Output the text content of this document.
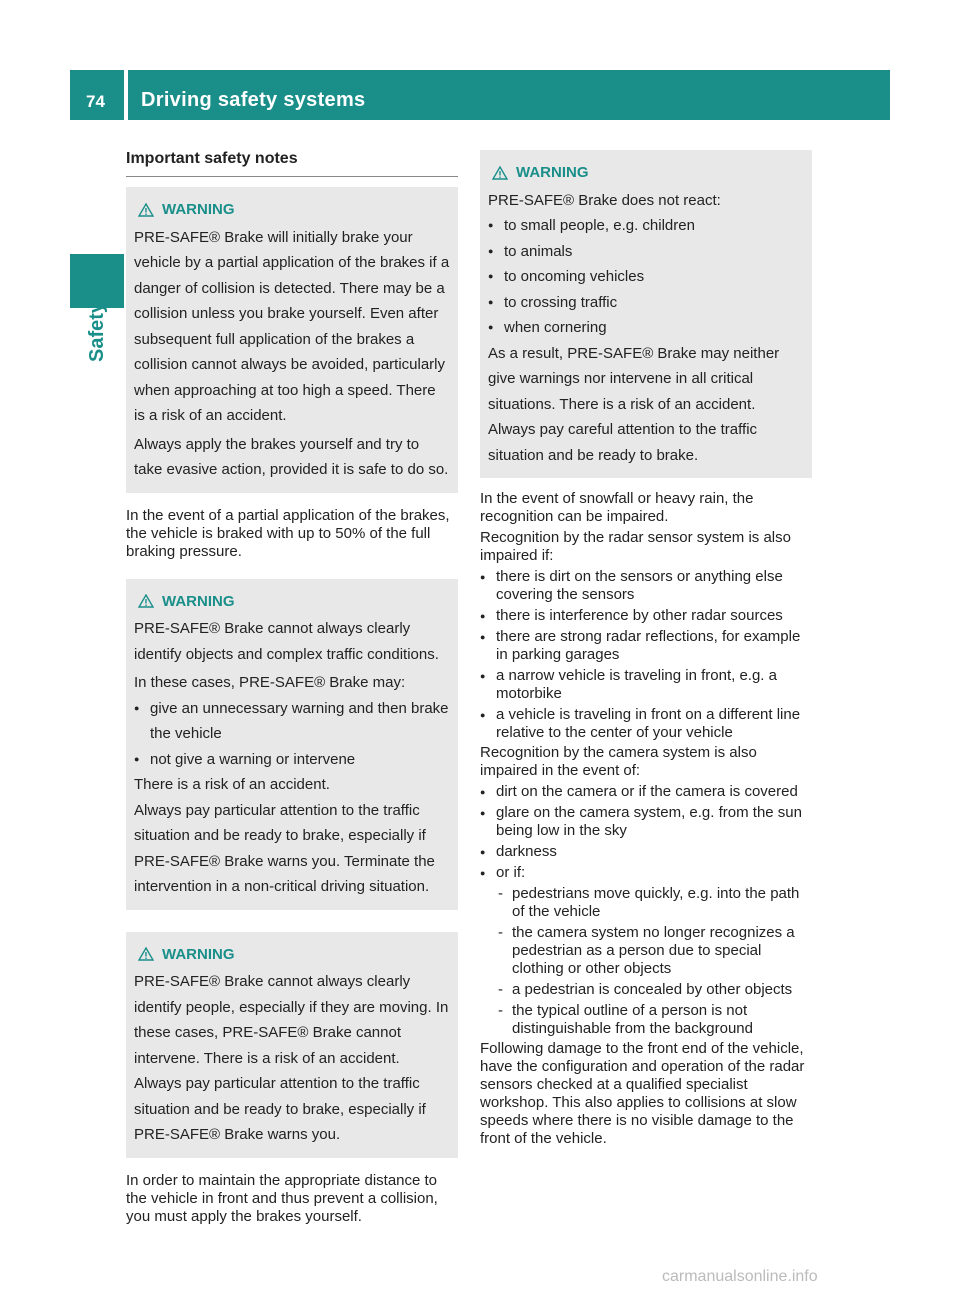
74 Driving safety systems
Safety
Important safety notes
WARNING

PRE-SAFE® Brake will initially brake your vehicle by a partial application of the brakes if a danger of collision is detected. There may be a collision unless you brake yourself. Even after subsequent full application of the brakes a collision cannot always be avoided, particularly when approaching at too high a speed. There is a risk of an accident.

Always apply the brakes yourself and try to take evasive action, provided it is safe to do so.

In the event of a partial application of the brakes, the vehicle is braked with up to 50% of the full braking pressure.
WARNING

PRE-SAFE® Brake cannot always clearly identify objects and complex traffic conditions.

In these cases, PRE-SAFE® Brake may:

● give an unnecessary warning and then brake the vehicle
● not give a warning or intervene

There is a risk of an accident.

Always pay particular attention to the traffic situation and be ready to brake, especially if PRE-SAFE® Brake warns you. Terminate the intervention in a non-critical driving situation.

WARNING

PRE-SAFE® Brake cannot always clearly identify people, especially if they are moving. In these cases, PRE-SAFE® Brake cannot intervene. There is a risk of an accident.

Always pay particular attention to the traffic situation and be ready to brake, especially if PRE-SAFE® Brake warns you.

In order to maintain the appropriate distance to the vehicle in front and thus prevent a collision, you must apply the brakes yourself.
WARNING

PRE-SAFE® Brake does not react:

● to small people, e.g. children
● to animals
● to oncoming vehicles
● to crossing traffic
● when cornering

As a result, PRE-SAFE® Brake may neither give warnings nor intervene in all critical situations. There is a risk of an accident.

Always pay careful attention to the traffic situation and be ready to brake.

In the event of snowfall or heavy rain, the recognition can be impaired.

Recognition by the radar sensor system is also impaired if:

● there is dirt on the sensors or anything else covering the sensors
● there is interference by other radar sources
● there are strong radar reflections, for example in parking garages
● a narrow vehicle is traveling in front, e.g. a motorbike
● a vehicle is traveling in front on a different line relative to the center of your vehicle

Recognition by the camera system is also impaired in the event of:

● dirt on the camera or if the camera is covered
● glare on the camera system, e.g. from the sun being low in the sky
● darkness
● or if:
- pedestrians move quickly, e.g. into the path of the vehicle
- the camera system no longer recognizes a pedestrian as a person due to special clothing or other objects
- a pedestrian is concealed by other objects
- the typical outline of a person is not distinguishable from the background

Following damage to the front end of the vehicle, have the configuration and operation of the radar sensors checked at a qualified specialist workshop. This also applies to collisions at slow speeds where there is no visible damage to the front of the vehicle.

carmanualsonline.info
